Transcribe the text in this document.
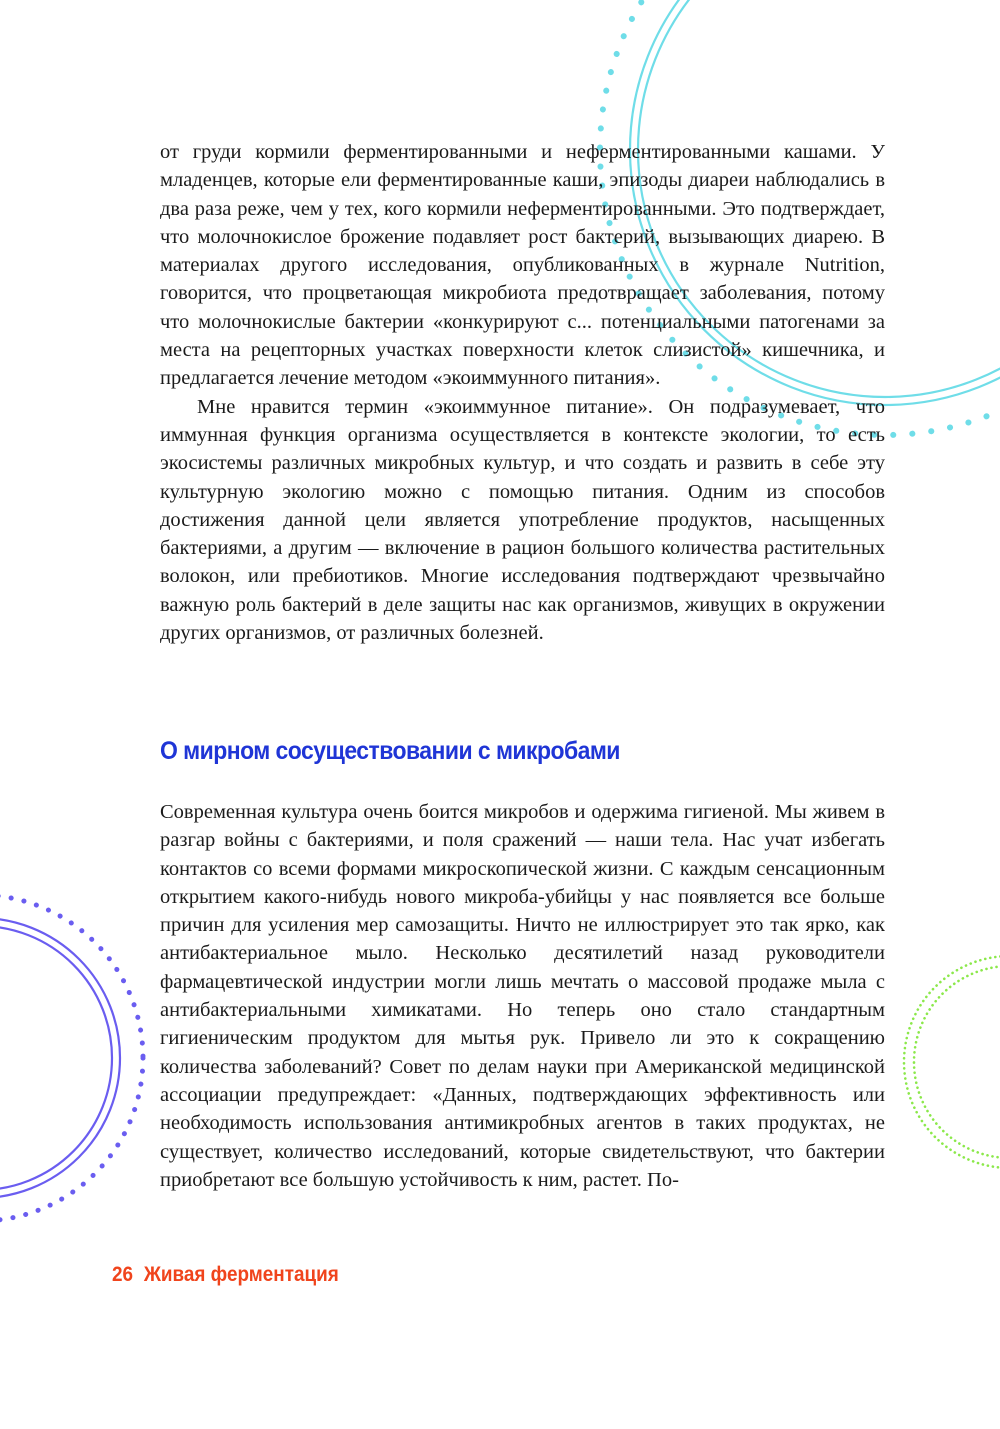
от груди кормили ферментированными и неферментированными кашами. У младенцев, которые ели ферментированные каши, эпизоды диареи наблюдались в два раза реже, чем у тех, кого кормили неферментированными. Это подтверждает, что молочнокислое брожение подавляет рост бактерий, вызывающих диарею. В материалах другого исследования, опубликованных в журнале Nutrition, говорится, что процветающая микробиота предотвращает заболевания, потому что молочнокислые бактерии «конкурируют с... потенциальными патогенами за места на рецепторных участках поверхности клеток слизистой» кишечника, и предлагается лечение методом «экоиммунного питания».

Мне нравится термин «экоиммунное питание». Он подразумевает, что иммунная функция организма осуществляется в контексте экологии, то есть экосистемы различных микробных культур, и что создать и развить в себе эту культурную экологию можно с помощью питания. Одним из способов достижения данной цели является употребление продуктов, насыщенных бактериями, а другим — включение в рацион большого количества растительных волокон, или пребиотиков. Многие исследования подтверждают чрезвычайно важную роль бактерий в деле защиты нас как организмов, живущих в окружении других организмов, от различных болезней.

О мирном сосуществовании с микробами

Современная культура очень боится микробов и одержима гигиеной. Мы живем в разгар войны с бактериями, и поля сражений — наши тела. Нас учат избегать контактов со всеми формами микроскопической жизни. С каждым сенсационным открытием какого-нибудь нового микроба-убийцы у нас появляется все больше причин для усиления мер самозащиты. Ничто не иллюстрирует это так ярко, как антибактериальное мыло. Несколько десятилетий назад руководители фармацевтической индустрии могли лишь мечтать о массовой продаже мыла с антибактериальными химикатами. Но теперь оно стало стандартным гигиеническим продуктом для мытья рук. Привело ли это к сокращению количества заболеваний? Совет по делам науки при Американской медицинской ассоциации предупреждает: «Данных, подтверждающих эффективность или необходимость использования антимикробных агентов в таких продуктах, не существует, количество исследований, которые свидетельствуют, что бактерии приобретают все большую устойчивость к ним, растет. По-

26 Живая ферментация
